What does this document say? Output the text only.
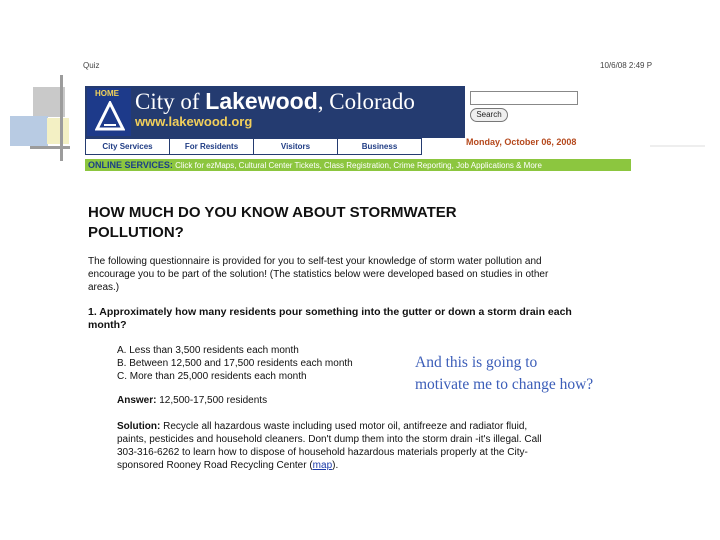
Quiz	10/6/08 2:49 P
HOME City of Lakewood, Colorado
www.lakewood.org	Search
Monday, October 06, 2008
City Services	For Residents	Visitors	Business
ONLINE SERVICES: Click for ezMaps, Cultural Center Tickets, Class Registration, Crime Reporting, Job Applications & More
HOW MUCH DO YOU KNOW ABOUT STORMWATER POLLUTION?
The following questionnaire is provided for you to self-test your knowledge of storm water pollution and encourage you to be part of the solution! (The statistics below were developed based on studies in other areas.)
1. Approximately how many residents pour something into the gutter or down a storm drain each month?
A. Less than 3,500 residents each month
B. Between 12,500 and 17,500 residents each month
C. More than 25,000 residents each month
Answer: 12,500-17,500 residents
Solution: Recycle all hazardous waste including used motor oil, antifreeze and radiator fluid, paints, pesticides and household cleaners. Don't dump them into the storm drain -it's illegal. Call 303-316-6262 to learn how to dispose of household hazardous materials properly at the City-sponsored Rooney Road Recycling Center (map).
And this is going to
motivate me to change how?
